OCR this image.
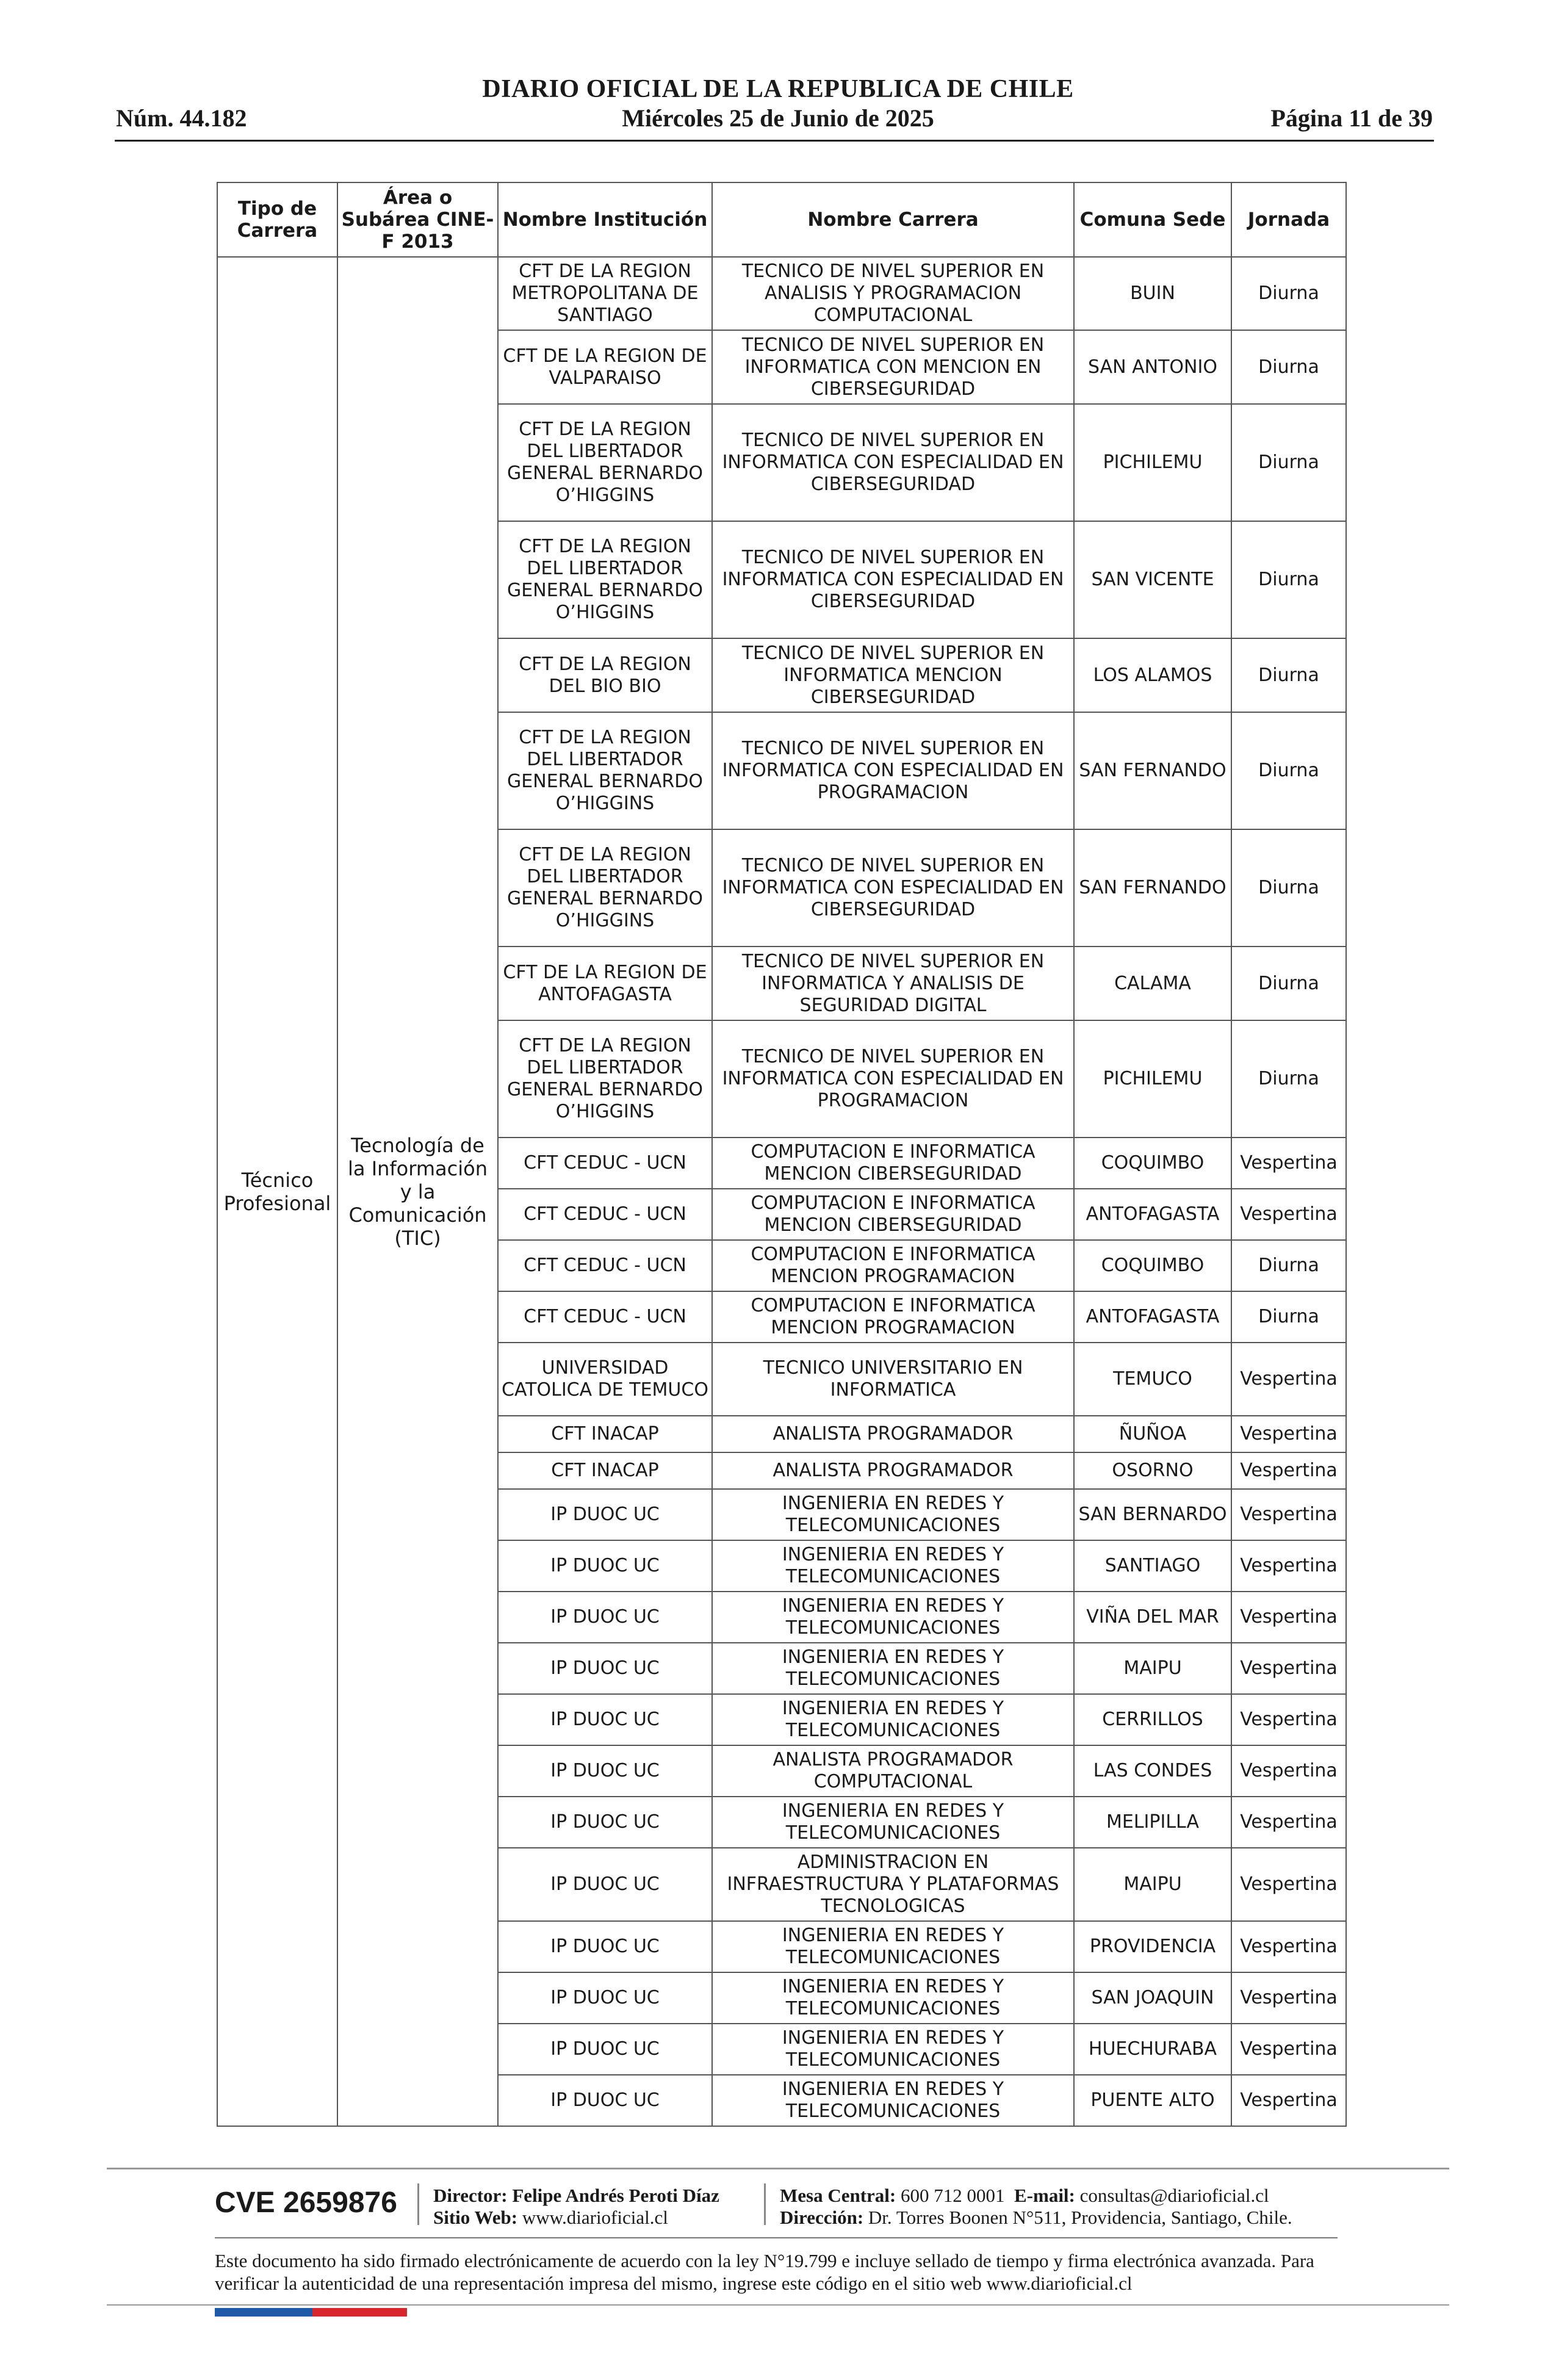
DIARIO OFICIAL DE LA REPUBLICA DE CHILE
Núm. 44.182	Miércoles 25 de Junio de 2025	Página 11 de 39
Tipo de Carrera	Área o Subárea CINE-F 2013	Nombre Institución	Nombre Carrera	Comuna Sede	Jornada
Técnico Profesional	Tecnología de la Información y la Comunicación (TIC)	CFT DE LA REGION METROPOLITANA DE SANTIAGO	TECNICO DE NIVEL SUPERIOR EN ANALISIS Y PROGRAMACION COMPUTACIONAL	BUIN	Diurna
		CFT DE LA REGION DE VALPARAISO	TECNICO DE NIVEL SUPERIOR EN INFORMATICA CON MENCION EN CIBERSEGURIDAD	SAN ANTONIO	Diurna
		CFT DE LA REGION DEL LIBERTADOR GENERAL BERNARDO O’HIGGINS	TECNICO DE NIVEL SUPERIOR EN INFORMATICA CON ESPECIALIDAD EN CIBERSEGURIDAD	PICHILEMU	Diurna
		CFT DE LA REGION DEL LIBERTADOR GENERAL BERNARDO O’HIGGINS	TECNICO DE NIVEL SUPERIOR EN INFORMATICA CON ESPECIALIDAD EN CIBERSEGURIDAD	SAN VICENTE	Diurna
		CFT DE LA REGION DEL BIO BIO	TECNICO DE NIVEL SUPERIOR EN INFORMATICA MENCION CIBERSEGURIDAD	LOS ALAMOS	Diurna
		CFT DE LA REGION DEL LIBERTADOR GENERAL BERNARDO O’HIGGINS	TECNICO DE NIVEL SUPERIOR EN INFORMATICA CON ESPECIALIDAD EN PROGRAMACION	SAN FERNANDO	Diurna
		CFT DE LA REGION DEL LIBERTADOR GENERAL BERNARDO O’HIGGINS	TECNICO DE NIVEL SUPERIOR EN INFORMATICA CON ESPECIALIDAD EN CIBERSEGURIDAD	SAN FERNANDO	Diurna
		CFT DE LA REGION DE ANTOFAGASTA	TECNICO DE NIVEL SUPERIOR EN INFORMATICA Y ANALISIS DE SEGURIDAD DIGITAL	CALAMA	Diurna
		CFT DE LA REGION DEL LIBERTADOR GENERAL BERNARDO O’HIGGINS	TECNICO DE NIVEL SUPERIOR EN INFORMATICA CON ESPECIALIDAD EN PROGRAMACION	PICHILEMU	Diurna
		CFT CEDUC - UCN	COMPUTACION E INFORMATICA MENCION CIBERSEGURIDAD	COQUIMBO	Vespertina
		CFT CEDUC - UCN	COMPUTACION E INFORMATICA MENCION CIBERSEGURIDAD	ANTOFAGASTA	Vespertina
		CFT CEDUC - UCN	COMPUTACION E INFORMATICA MENCION PROGRAMACION	COQUIMBO	Diurna
		CFT CEDUC - UCN	COMPUTACION E INFORMATICA MENCION PROGRAMACION	ANTOFAGASTA	Diurna
		UNIVERSIDAD CATOLICA DE TEMUCO	TECNICO UNIVERSITARIO EN INFORMATICA	TEMUCO	Vespertina
		CFT INACAP	ANALISTA PROGRAMADOR	ÑUÑOA	Vespertina
		CFT INACAP	ANALISTA PROGRAMADOR	OSORNO	Vespertina
		IP DUOC UC	INGENIERIA EN REDES Y TELECOMUNICACIONES	SAN BERNARDO	Vespertina
		IP DUOC UC	INGENIERIA EN REDES Y TELECOMUNICACIONES	SANTIAGO	Vespertina
		IP DUOC UC	INGENIERIA EN REDES Y TELECOMUNICACIONES	VIÑA DEL MAR	Vespertina
		IP DUOC UC	INGENIERIA EN REDES Y TELECOMUNICACIONES	MAIPU	Vespertina
		IP DUOC UC	INGENIERIA EN REDES Y TELECOMUNICACIONES	CERRILLOS	Vespertina
		IP DUOC UC	ANALISTA PROGRAMADOR COMPUTACIONAL	LAS CONDES	Vespertina
		IP DUOC UC	INGENIERIA EN REDES Y TELECOMUNICACIONES	MELIPILLA	Vespertina
		IP DUOC UC	ADMINISTRACION EN INFRAESTRUCTURA Y PLATAFORMAS TECNOLOGICAS	MAIPU	Vespertina
		IP DUOC UC	INGENIERIA EN REDES Y TELECOMUNICACIONES	PROVIDENCIA	Vespertina
		IP DUOC UC	INGENIERIA EN REDES Y TELECOMUNICACIONES	SAN JOAQUIN	Vespertina
		IP DUOC UC	INGENIERIA EN REDES Y TELECOMUNICACIONES	HUECHURABA	Vespertina
		IP DUOC UC	INGENIERIA EN REDES Y TELECOMUNICACIONES	PUENTE ALTO	Vespertina
CVE 2659876 Director: Felipe Andrés Peroti Díaz
Sitio Web: www.diarioficial.cl
Mesa Central: 600 712 0001 E-mail: consultas@diarioficial.cl
Dirección: Dr. Torres Boonen N°511, Providencia, Santiago, Chile.
Este documento ha sido firmado electrónicamente de acuerdo con la ley N°19.799 e incluye sellado de tiempo y firma electrónica avanzada. Para verificar la autenticidad de una representación impresa del mismo, ingrese este código en el sitio web www.diarioficial.cl
